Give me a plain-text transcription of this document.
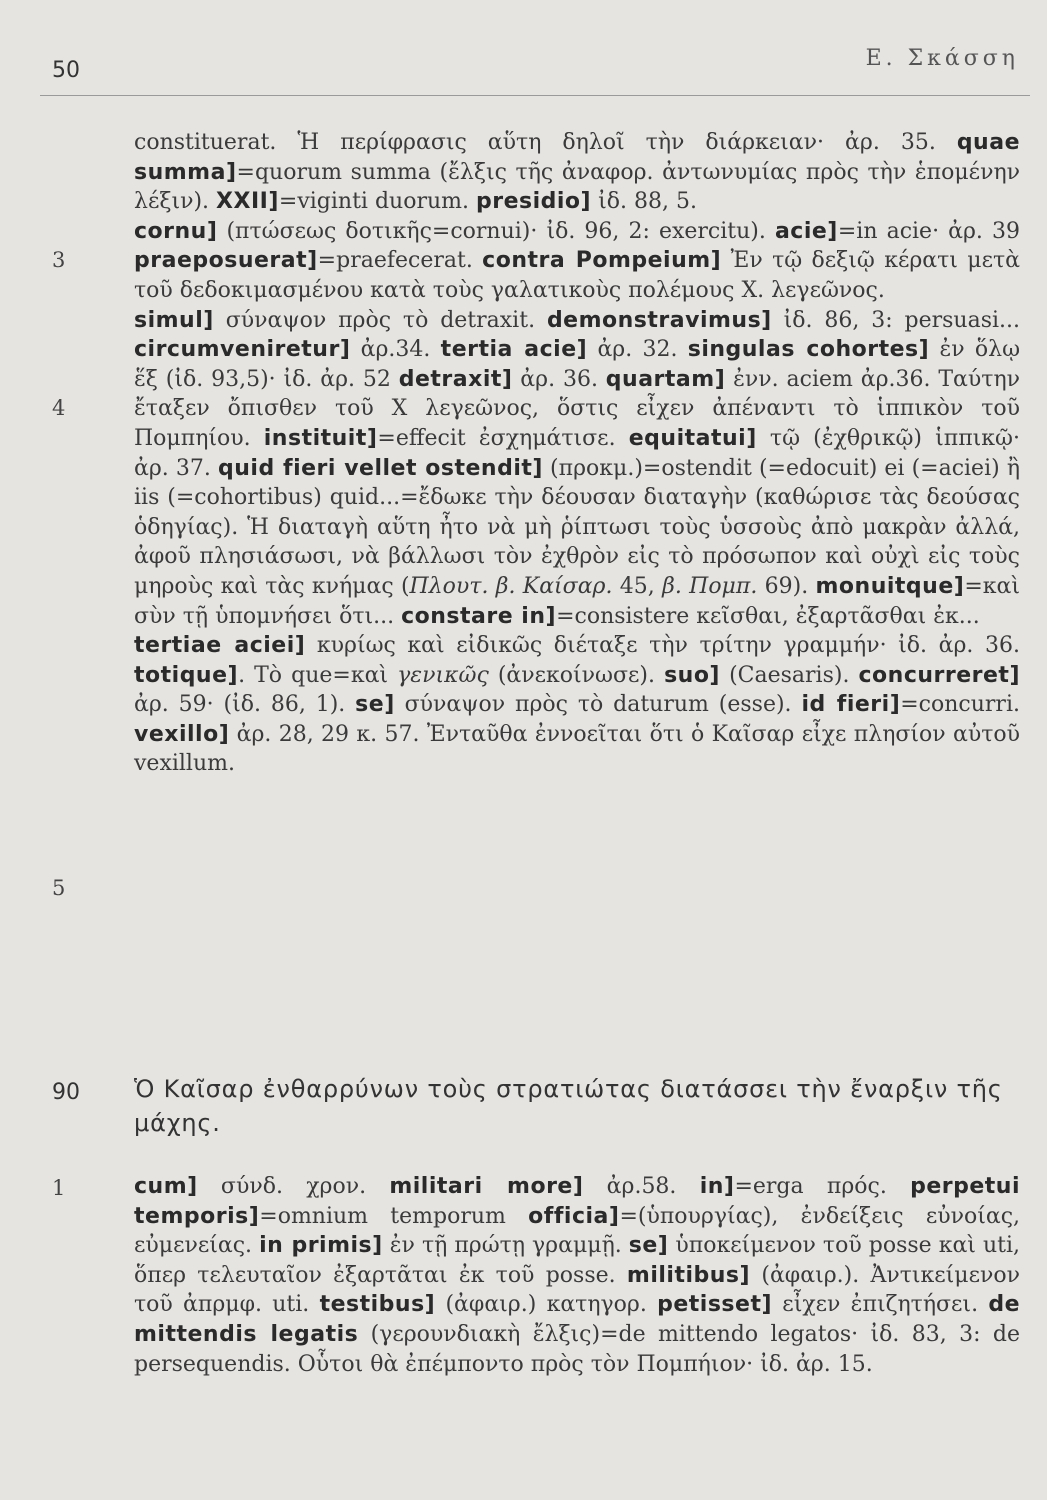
50	Ε. Σκάσση
3
4
5
90
1

constituerat. Ἡ περίφρασις αὕτη δηλοῖ τὴν διάρκειαν· ἀρ. 35. quae summa]=quorum summa (ἔλξις τῆς ἀναφορ. ἀντωνυμίας πρὸς τὴν ἑπομένην λέξιν). XXII]=viginti duorum. presidio] ἰδ. 88, 5.

cornu] (πτώσεως δοτικῆς=cornui)· ἰδ. 96, 2: exercitu). acie]=in acie· ἀρ. 39 praeposuerat]=praefecerat. contra Pompeium] Ἐν τῷ δεξιῷ κέρατι μετὰ τοῦ δεδοκιμασμένου κατὰ τοὺς γαλατικοὺς πολέμους X. λεγεῶνος.

simul] σύναψον πρὸς τὸ detraxit. demonstravimus] ἰδ. 86, 3: persuasi... circumveniretur] ἀρ.34. tertia acie] ἀρ. 32. singulas cohortes] ἐν ὅλῳ ἕξ (ἰδ. 93,5)· ἰδ. ἀρ. 52 detraxit] ἀρ. 36. quartam] ἐνν. aciem ἀρ.36. Ταύτην ἔταξεν ὄπισθεν τοῦ X λεγεῶνος, ὅστις εἶχεν ἀπέναντι τὸ ἱππικὸν τοῦ Πομπηίου. instituit]=effecit ἐσχημάτισε. equitatui] τῷ (ἐχθρικῷ) ἱππικῷ· ἀρ. 37. quid fieri vellet ostendit] (προκμ.)=ostendit (=edocuit) ei (=aciei) ἢ iis (=cohortibus) quid...=ἔδωκε τὴν δέουσαν διαταγὴν (καθώρισε τὰς δεούσας ὁδηγίας). Ἡ διαταγὴ αὕτη ἦτο νὰ μὴ ῥίπτωσι τοὺς ὑσσοὺς ἀπὸ μακρὰν ἀλλά, ἀφοῦ πλησιάσωσι, νὰ βάλλωσι τὸν ἐχθρὸν εἰς τὸ πρόσωπον καὶ οὐχὶ εἰς τοὺς μηροὺς καὶ τὰς κνήμας (Πλουτ. β. Καίσαρ. 45, β. Πομπ. 69). monuitque]=καὶ σὺν τῇ ὑπομνήσει ὅτι... constare in]=consistere κεῖσθαι, ἐξαρτᾶσθαι ἐκ...

tertiae aciei] κυρίως καὶ εἰδικῶς διέταξε τὴν τρίτην γραμμήν· ἰδ. ἀρ. 36. totique]. Τὸ que=καὶ γενικῶς (ἀνεκοίνωσε). suo] (Caesaris). concurreret] ἀρ. 59· (ἰδ. 86, 1). se] σύναψον πρὸς τὸ daturum (esse). id fieri]=concurri. vexillo] ἀρ. 28, 29 κ. 57. Ἐνταῦθα ἐννοεῖται ὅτι ὁ Καῖσαρ εἶχε πλησίον αὐτοῦ vexillum.

Ὁ Καῖσαρ ἐνθαρρύνων τοὺς στρατιώτας διατάσσει τὴν ἔναρξιν τῆς μάχης.

cum] σύνδ. χρον. militari more] ἀρ.58. in]=erga πρός. perpetui temporis]=omnium temporum officia]=(ὑπουργίας), ἐνδείξεις εὐνοίας, εὐμενείας. in primis] ἐν τῇ πρώτῃ γραμμῇ. se] ὑποκείμενον τοῦ posse καὶ uti, ὅπερ τελευταῖον ἐξαρτᾶται ἐκ τοῦ posse. militibus] (ἀφαιρ.). Ἀντικείμενον τοῦ ἀπρμφ. uti. testibus] (ἀφαιρ.) κατηγορ. petisset] εἶχεν ἐπιζητήσει. de mittendis legatis (γερουνδιακὴ ἔλξις)=de mittendo legatos· ἰδ. 83, 3: de persequendis. Οὗτοι θὰ ἐπέμποντο πρὸς τὸν Πομπήιον· ἰδ. ἀρ. 15.
